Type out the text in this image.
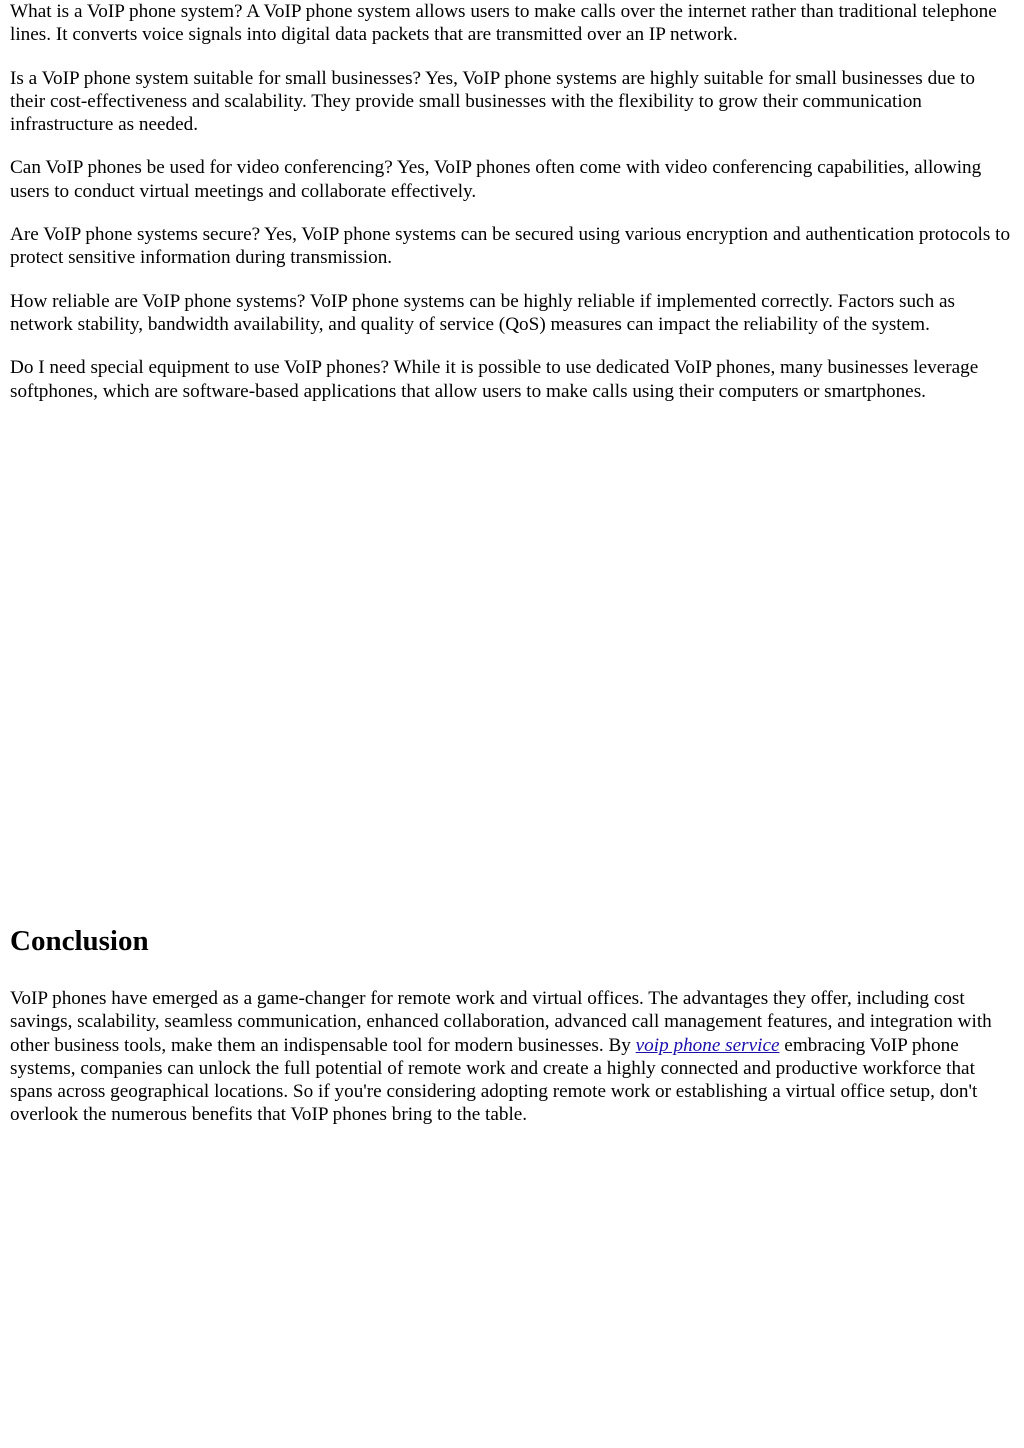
What is a VoIP phone system? A VoIP phone system allows users to make calls over the internet rather than traditional telephone lines. It converts voice signals into digital data packets that are transmitted over an IP network.

Is a VoIP phone system suitable for small businesses? Yes, VoIP phone systems are highly suitable for small businesses due to their cost-effectiveness and scalability. They provide small businesses with the flexibility to grow their communication infrastructure as needed.

Can VoIP phones be used for video conferencing? Yes, VoIP phones often come with video conferencing capabilities, allowing users to conduct virtual meetings and collaborate effectively.

Are VoIP phone systems secure? Yes, VoIP phone systems can be secured using various encryption and authentication protocols to protect sensitive information during transmission.

How reliable are VoIP phone systems? VoIP phone systems can be highly reliable if implemented correctly. Factors such as network stability, bandwidth availability, and quality of service (QoS) measures can impact the reliability of the system.

Do I need special equipment to use VoIP phones? While it is possible to use dedicated VoIP phones, many businesses leverage softphones, which are software-based applications that allow users to make calls using their computers or smartphones.

Conclusion

VoIP phones have emerged as a game-changer for remote work and virtual offices. The advantages they offer, including cost savings, scalability, seamless communication, enhanced collaboration, advanced call management features, and integration with other business tools, make them an indispensable tool for modern businesses. By voip phone service embracing VoIP phone systems, companies can unlock the full potential of remote work and create a highly connected and productive workforce that spans across geographical locations. So if you're considering adopting remote work or establishing a virtual office setup, don't overlook the numerous benefits that VoIP phones bring to the table.
